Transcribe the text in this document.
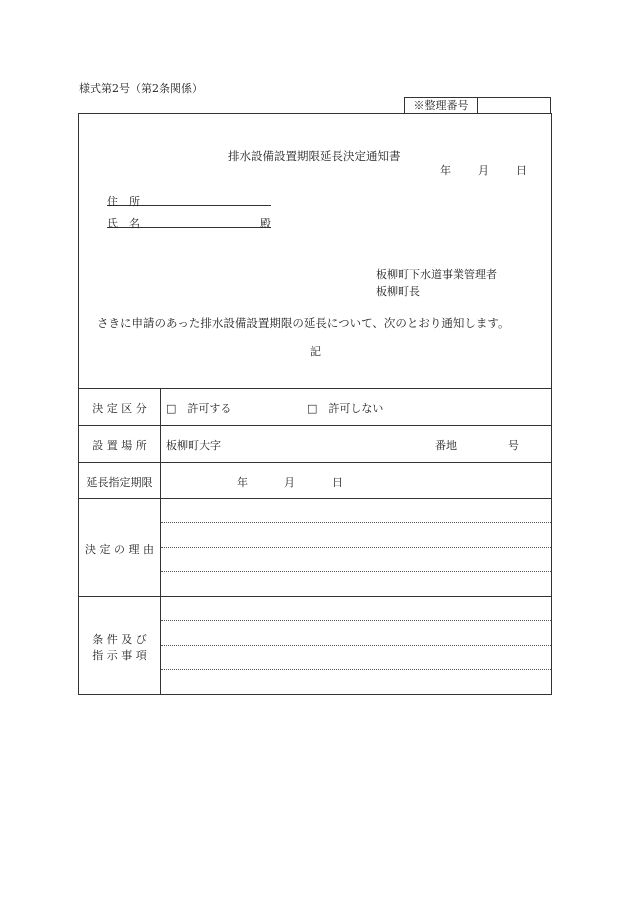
様式第2号（第2条関係）
※整理番号
排水設備設置期限延長決定通知書
年 月 日
住　所
氏　名	殿
板柳町下水道事業管理者
板柳町長
さきに申請のあった排水設備設置期限の延長について、次のとおり通知します。
記
決 定 区 分	□　許可する	□　許可しない
設 置 場 所	板柳町大字	番地	号
延長指定期限	年	月	日
決 定 の 理 由
条 件 及 び
指 示 事 項
